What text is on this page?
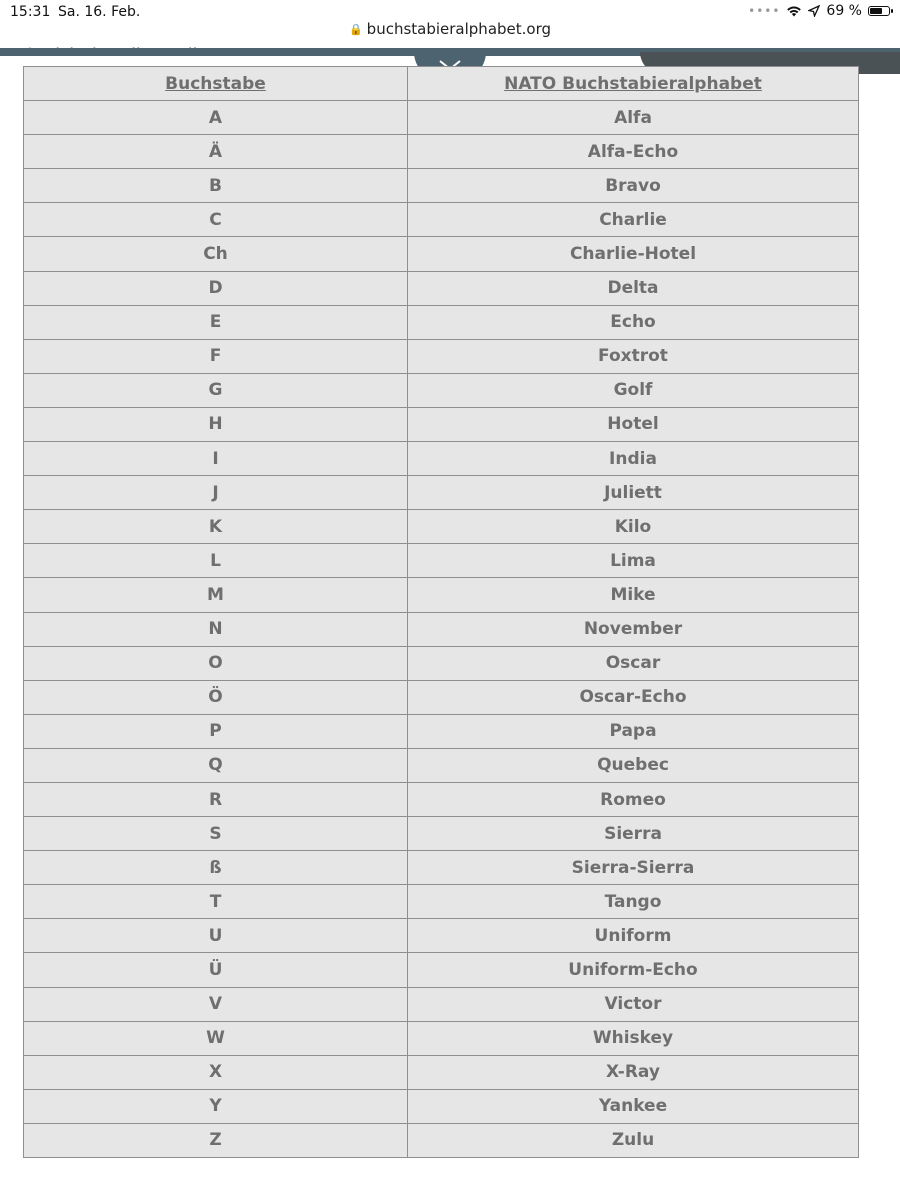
15:31 Sa. 16. Feb.	••••	69 %
🔒 buchstabieralphabet.org
Buchstabe	NATO Buchstabieralphabet
A	Alfa
Ä	Alfa-Echo
B	Bravo
C	Charlie
Ch	Charlie-Hotel
D	Delta
E	Echo
F	Foxtrot
G	Golf
H	Hotel
I	India
J	Juliett
K	Kilo
L	Lima
M	Mike
N	November
O	Oscar
Ö	Oscar-Echo
P	Papa
Q	Quebec
R	Romeo
S	Sierra
ß	Sierra-Sierra
T	Tango
U	Uniform
Ü	Uniform-Echo
V	Victor
W	Whiskey
X	X-Ray
Y	Yankee
Z	Zulu
